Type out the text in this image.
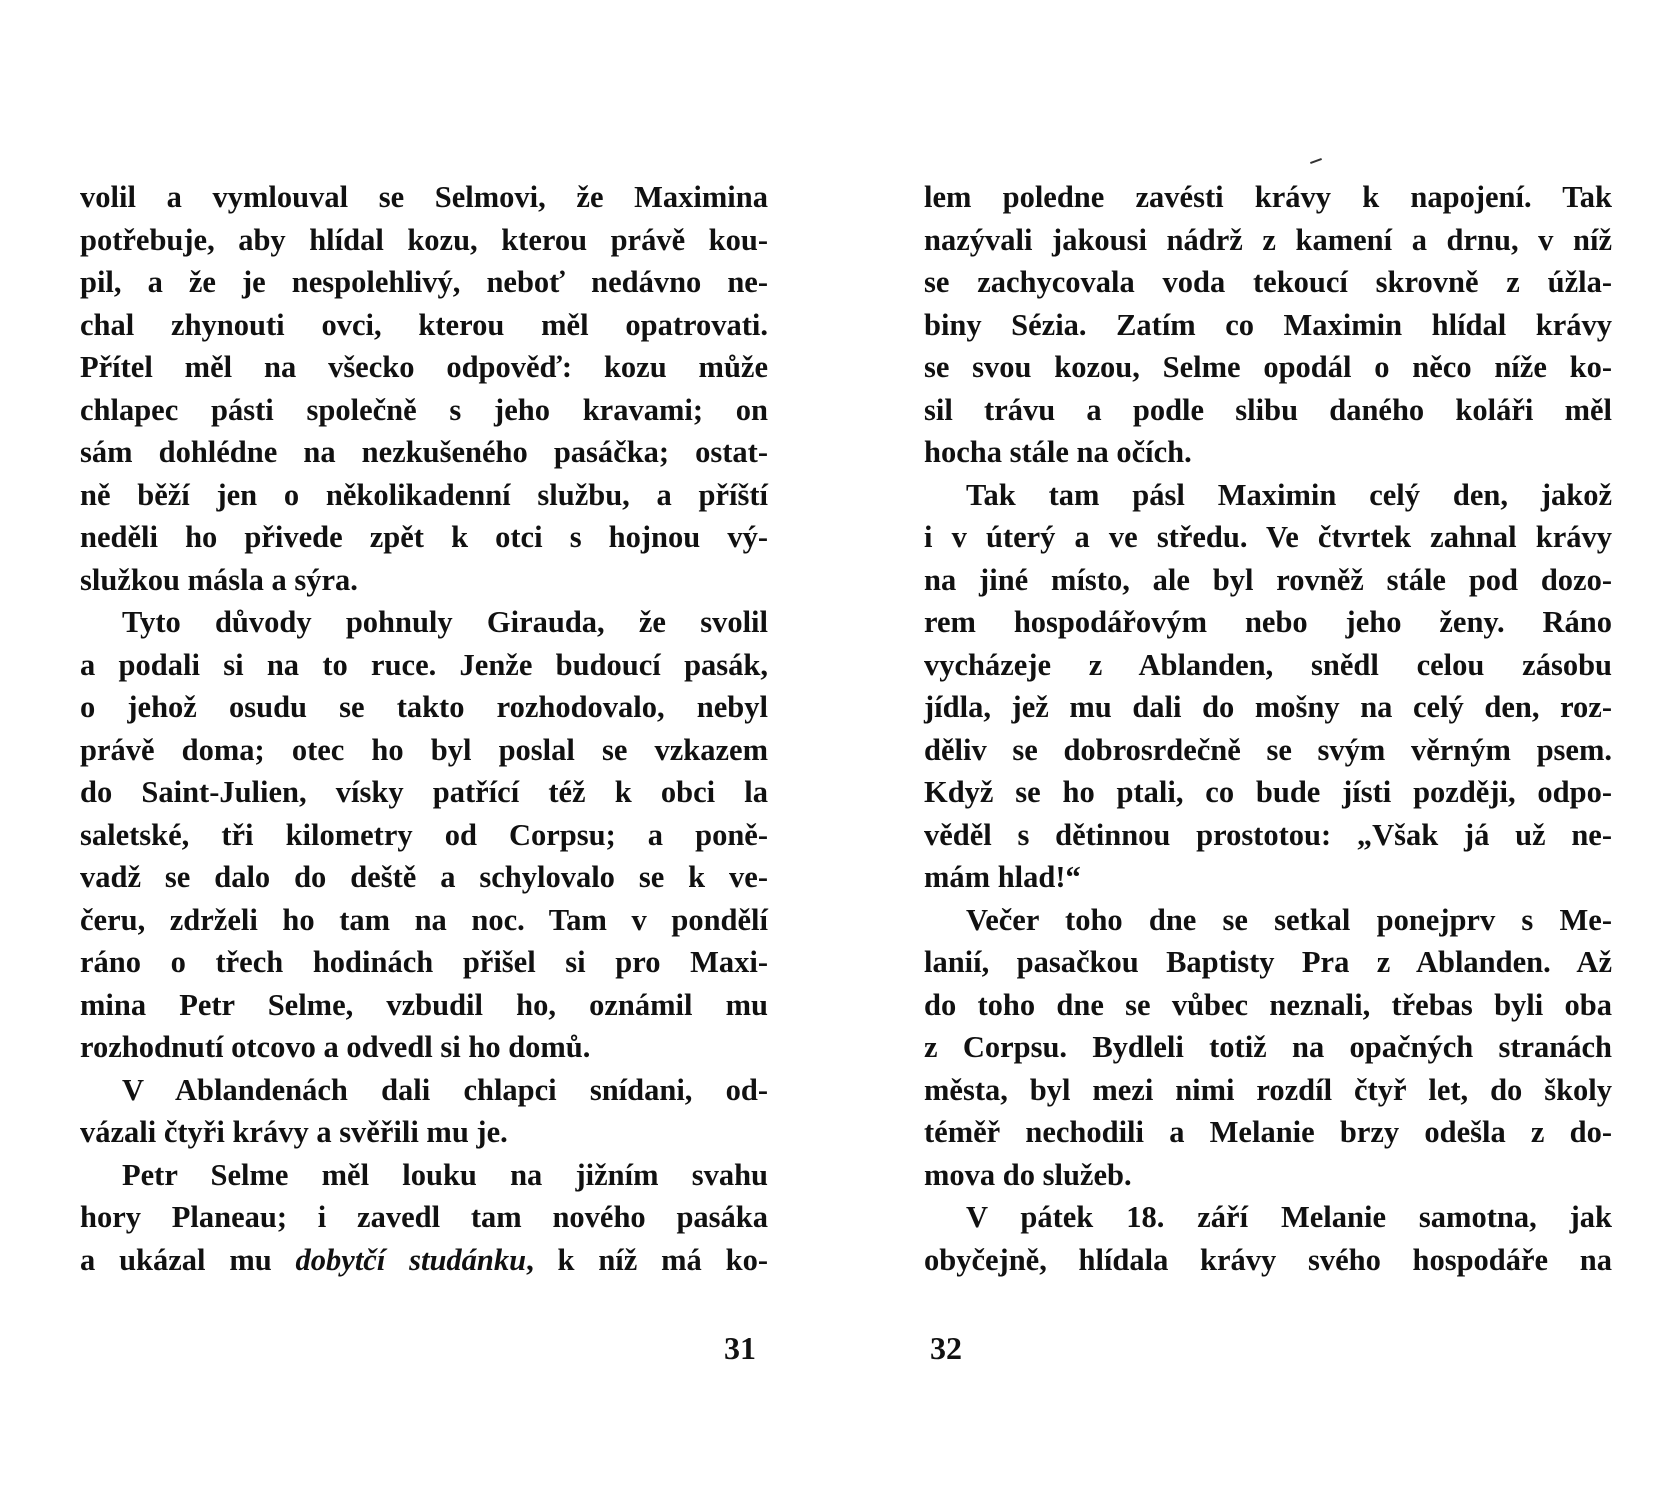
volil a vymlouval se Selmovi, že Maximina
potřebuje, aby hlídal kozu, kterou právě kou-
pil, a že je nespolehlivý, neboť nedávno ne-
chal zhynouti ovci, kterou měl opatrovati.
Přítel měl na všecko odpověď: kozu může
chlapec pásti společně s jeho kravami; on
sám dohlédne na nezkušeného pasáčka; ostat-
ně běží jen o několikadenní službu, a příští
neděli ho přivede zpět k otci s hojnou vý-
služkou másla a sýra.
Tyto důvody pohnuly Girauda, že svolil
a podali si na to ruce. Jenže budoucí pasák,
o jehož osudu se takto rozhodovalo, nebyl
právě doma; otec ho byl poslal se vzkazem
do Saint-Julien, vísky patřící též k obci la
saletské, tři kilometry od Corpsu; a poně-
vadž se dalo do deště a schylovalo se k ve-
čeru, zdrželi ho tam na noc. Tam v pondělí
ráno o třech hodinách přišel si pro Maxi-
mina Petr Selme, vzbudil ho, oznámil mu
rozhodnutí otcovo a odvedl si ho domů.
V Ablandenách dali chlapci snídani, od-
vázali čtyři krávy a svěřili mu je.
Petr Selme měl louku na jižním svahu
hory Planeau; i zavedl tam nového pasáka
a ukázal mu dobytčí studánku, k níž má ko-
lem poledne zavésti krávy k napojení. Tak
nazývali jakousi nádrž z kamení a drnu, v níž
se zachycovala voda tekoucí skrovně z úžla-
biny Sézia. Zatím co Maximin hlídal krávy
se svou kozou, Selme opodál o něco níže ko-
sil trávu a podle slibu daného koláři měl
hocha stále na očích.
Tak tam pásl Maximin celý den, jakož
i v úterý a ve středu. Ve čtvrtek zahnal krávy
na jiné místo, ale byl rovněž stále pod dozo-
rem hospodářovým nebo jeho ženy. Ráno
vycházeje z Ablanden, snědl celou zásobu
jídla, jež mu dali do mošny na celý den, roz-
děliv se dobrosrdečně se svým věrným psem.
Když se ho ptali, co bude jísti později, odpo-
věděl s dětinnou prostotou: „Však já už ne-
mám hlad!“
Večer toho dne se setkal ponejprv s Me-
lanií, pasačkou Baptisty Pra z Ablanden. Až
do toho dne se vůbec neznali, třebas byli oba
z Corpsu. Bydleli totiž na opačných stranách
města, byl mezi nimi rozdíl čtyř let, do školy
téměř nechodili a Melanie brzy odešla z do-
mova do služeb.
V pátek 18. září Melanie samotna, jak
obyčejně, hlídala krávy svého hospodáře na
31	32
